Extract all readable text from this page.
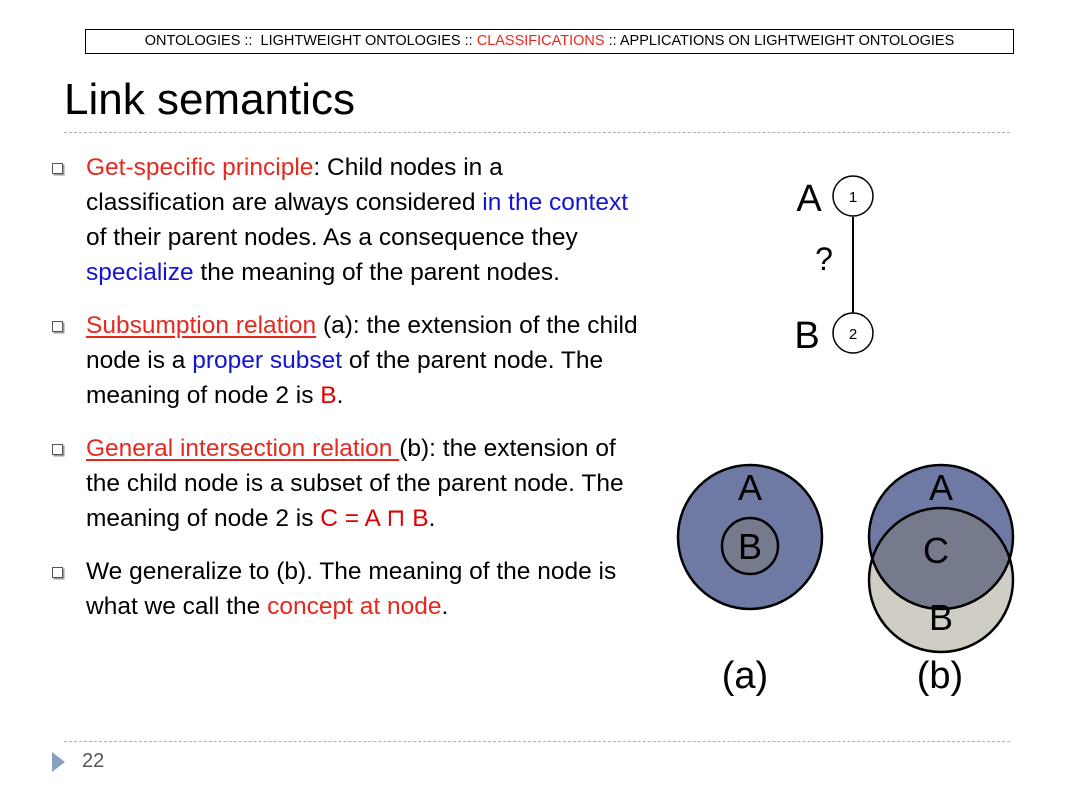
ONTOLOGIES :: LIGHTWEIGHT ONTOLOGIES :: CLASSIFICATIONS :: APPLICATIONS ON LIGHTWEIGHT ONTOLOGIES
Link semantics
Get-specific principle: Child nodes in a classification are always considered in the context of their parent nodes. As a consequence they specialize the meaning of the parent nodes.
Subsumption relation (a): the extension of the child node is a proper subset of the parent node. The meaning of node 2 is B.
General intersection relation (b): the extension of the child node is a subset of the parent node. The meaning of node 2 is C = A ⊓ B.
We generalize to (b). The meaning of the node is what we call the concept at node.
1
2
A
B
?
A
B
(a)
A
C
B
(b)
22
